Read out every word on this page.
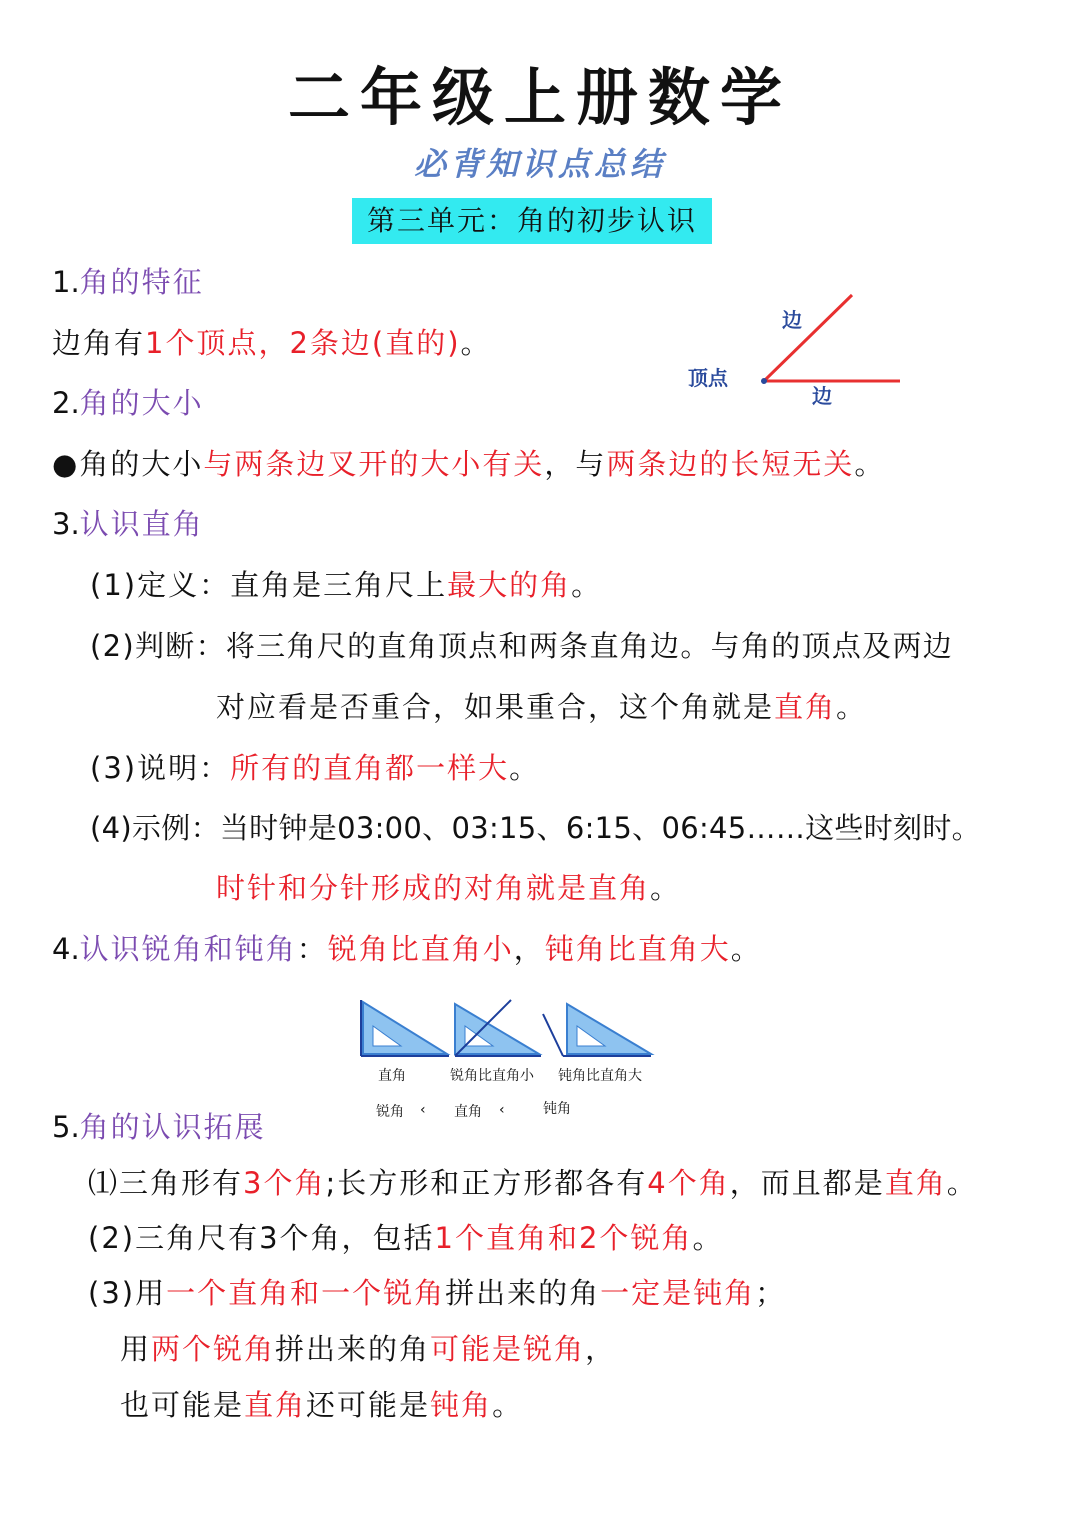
二年级上册数学
必背知识点总结
第三单元：角的初步认识
1.角的特征
边角有1个顶点，2条边(直的)。
边
顶点
边
2.角的大小
●角的大小与两条边叉开的大小有关，与两条边的长短无关。
3.认识直角
(1)定义：直角是三角尺上最大的角。
(2)判断：将三角尺的直角顶点和两条直角边。与角的顶点及两边
对应看是否重合，如果重合，这个角就是直角。
(3)说明：所有的直角都一样大。
(4)示例：当时钟是03:00、03:15、6:15、06:45……这些时刻时。
时针和分针形成的对角就是直角。
4.认识锐角和钝角：锐角比直角小，钝角比直角大。
直角	锐角比直角小 钝角比直角大
锐角 ‹ 直角 ‹	钝角
5.角的认识拓展
⑴三角形有3个角;长方形和正方形都各有4个角，而且都是直角。
(2)三角尺有3个角，包括1个直角和2个锐角。
(3)用一个直角和一个锐角拼出来的角一定是钝角；
用两个锐角拼出来的角可能是锐角，
也可能是直角还可能是钝角。
